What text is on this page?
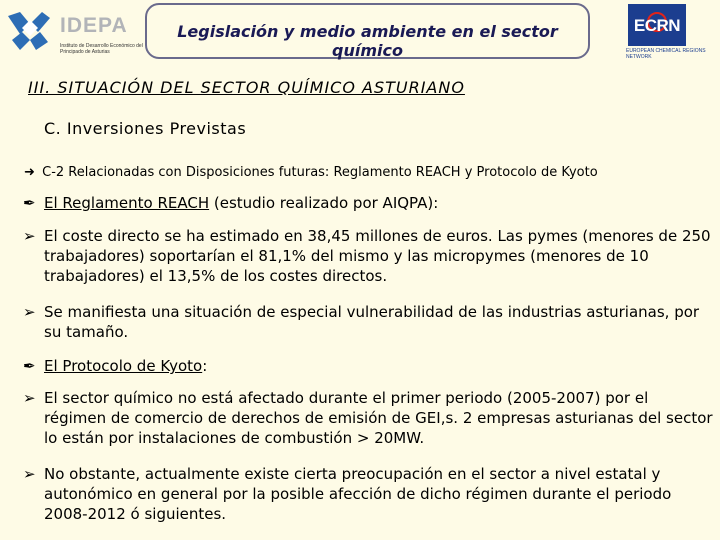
IDEPA
Instituto de Desarrollo Económico del Principado de Asturias
Legislación y medio ambiente en el sector químico
ECRN
EUROPEAN CHEMICAL REGIONS NETWORK
III. SITUACIÓN DEL SECTOR QUÍMICO ASTURIANO
C. Inversiones Previstas
➜ C-2 Relacionadas con Disposiciones futuras: Reglamento REACH y Protocolo de Kyoto
✒ El Reglamento REACH (estudio realizado por AIQPA):
➢ El coste directo se ha estimado en 38,45 millones de euros. Las pymes (menores de 250 trabajadores) soportarían el 81,1% del mismo y las micropymes (menores de 10 trabajadores) el 13,5% de los costes directos.
➢ Se manifiesta una situación de especial vulnerabilidad de las industrias asturianas, por su tamaño.
✒ El Protocolo de Kyoto:
➢ El sector químico no está afectado durante el primer periodo (2005-2007) por el régimen de comercio de derechos de emisión de GEI,s. 2 empresas asturianas del sector lo están por instalaciones de combustión > 20MW.
➢ No obstante, actualmente existe cierta preocupación en el sector a nivel estatal y autonómico en general por la posible afección de dicho régimen durante el periodo 2008-2012 ó siguientes.
